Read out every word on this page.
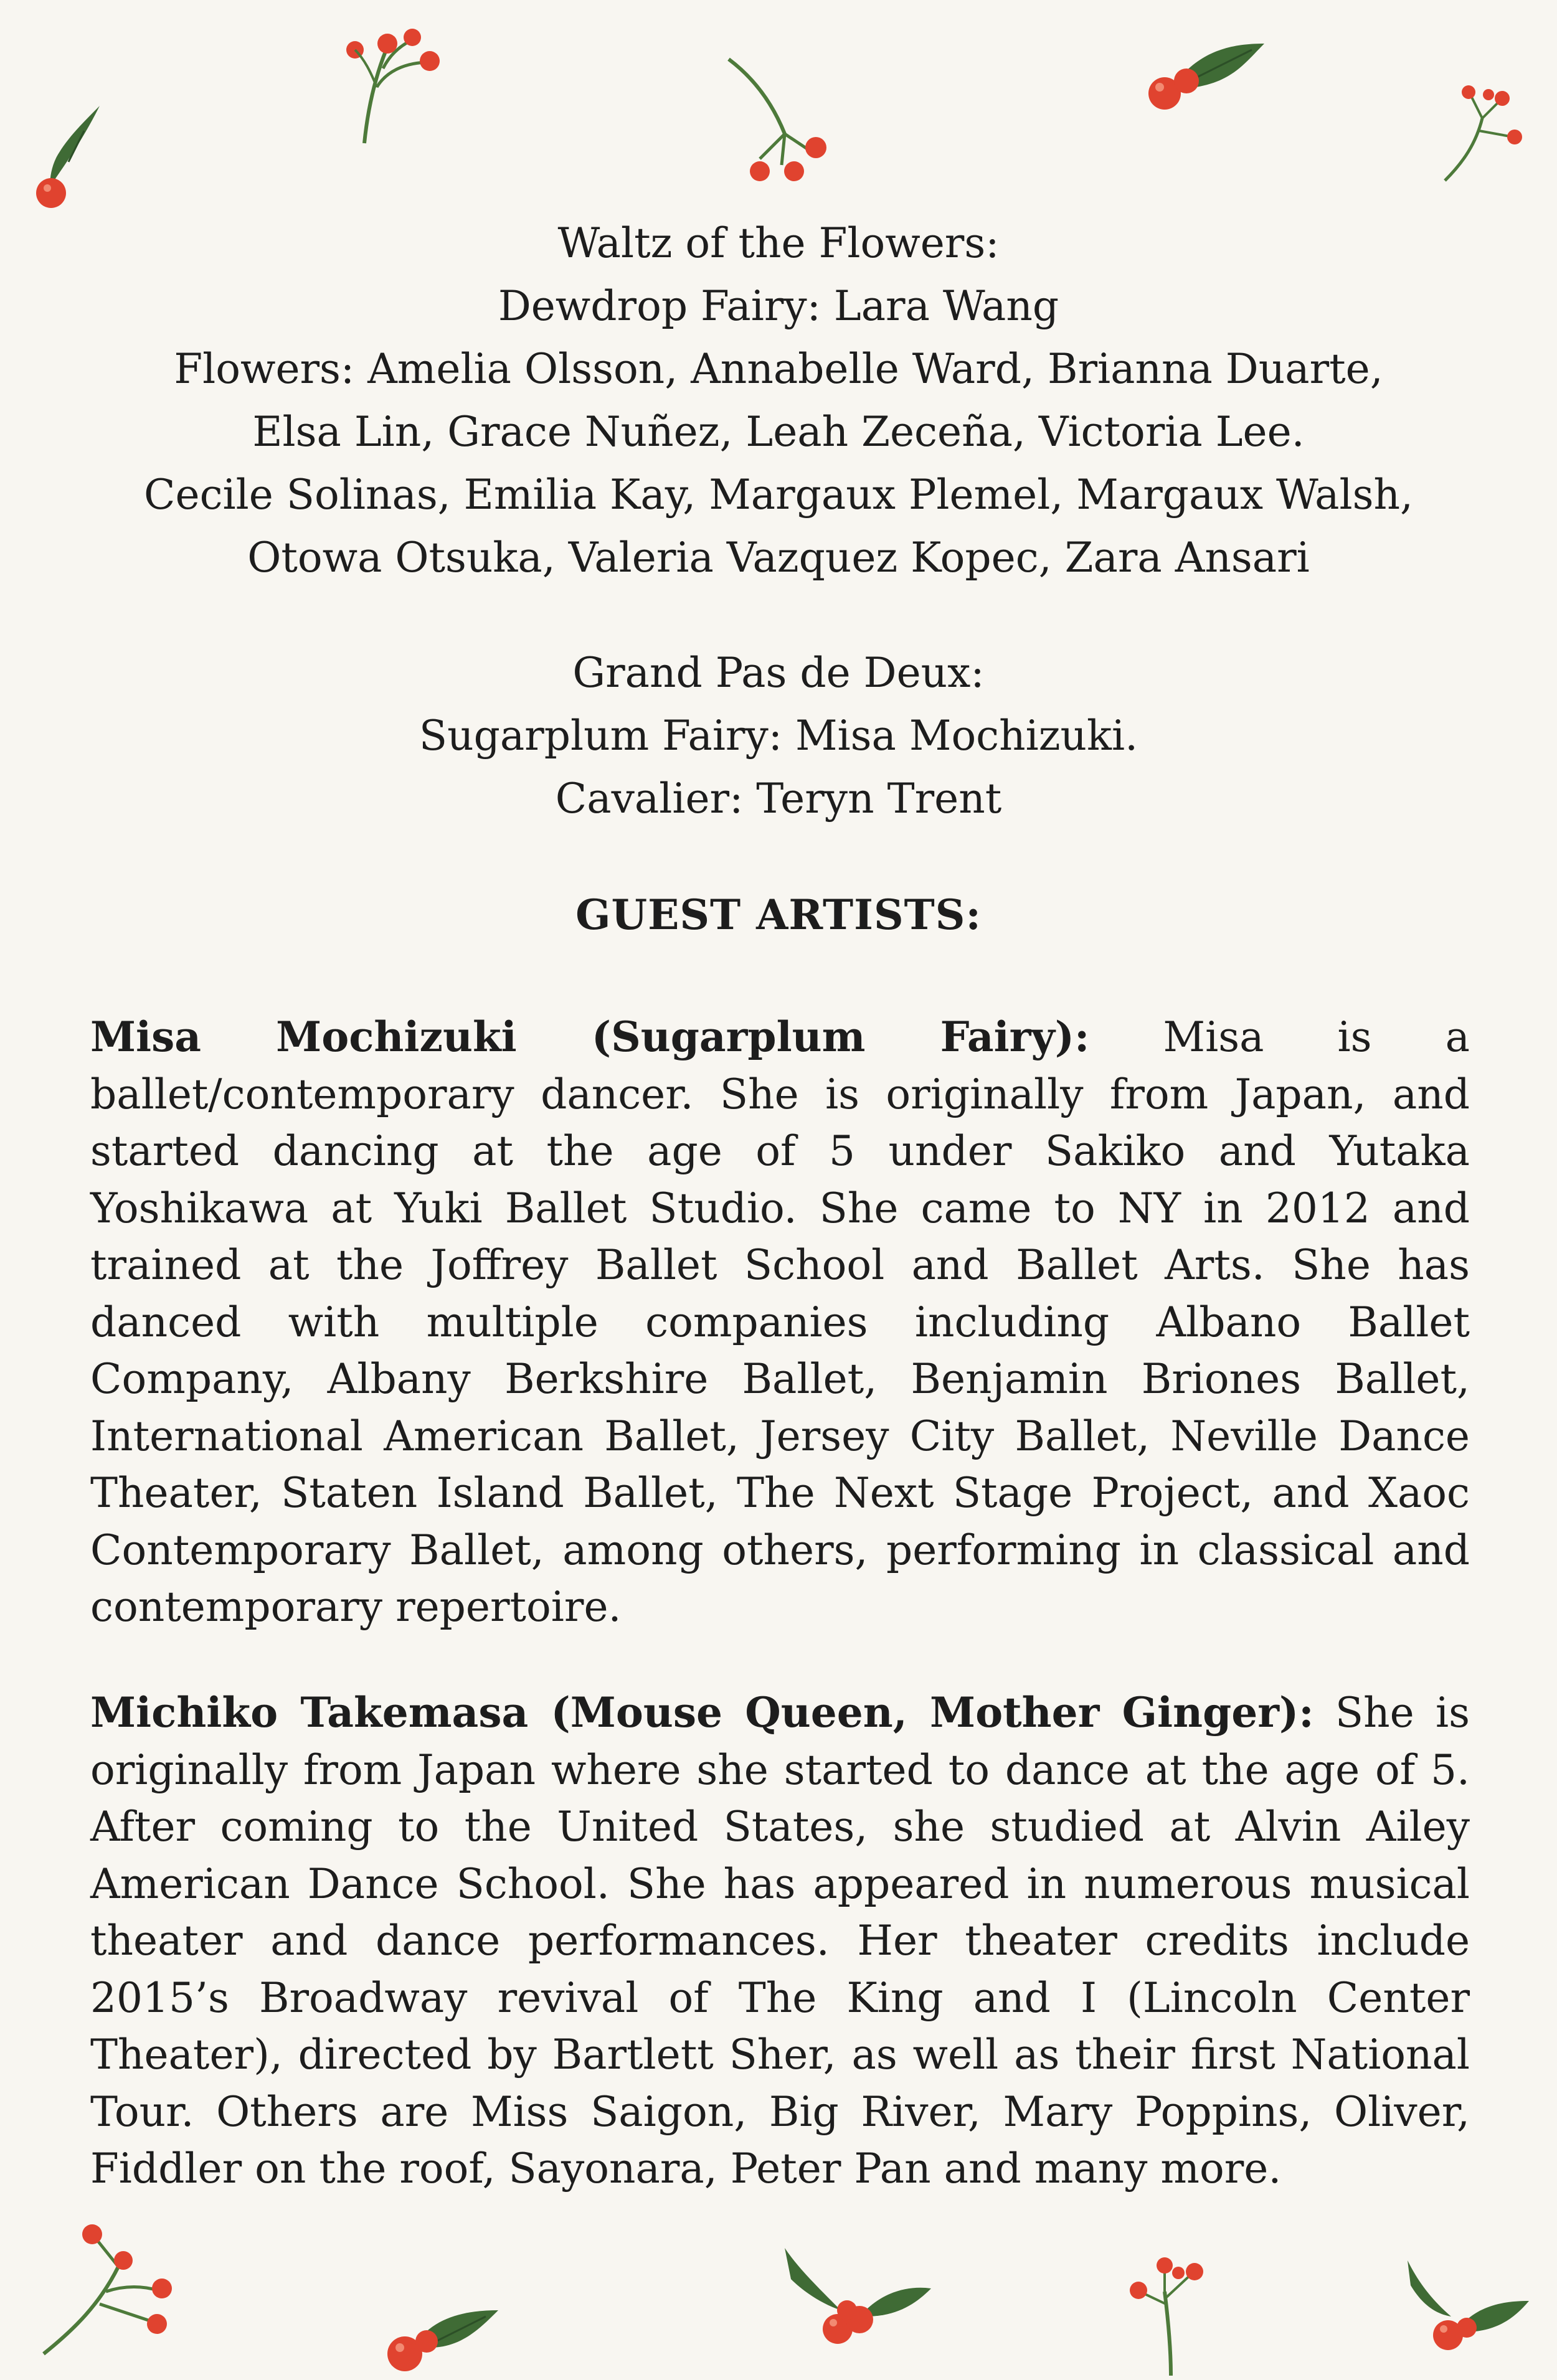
Waltz of the Flowers:

Dewdrop Fairy: Lara Wang

Flowers: Amelia Olsson, Annabelle Ward, Brianna Duarte,

Elsa Lin, Grace Nuñez, Leah Zeceña, Victoria Lee.

Cecile Solinas, Emilia Kay, Margaux Plemel, Margaux Walsh,

Otowa Otsuka, Valeria Vazquez Kopec, Zara Ansari

Grand Pas de Deux:

Sugarplum Fairy: Misa Mochizuki.

Cavalier: Teryn Trent

GUEST ARTISTS:

Misa Mochizuki (Sugarplum Fairy): Misa is a ballet/contemporary dancer. She is originally from Japan, and started dancing at the age of 5 under Sakiko and Yutaka Yoshikawa at Yuki Ballet Studio. She came to NY in 2012 and trained at the Joffrey Ballet School and Ballet Arts. She has danced with multiple companies including Albano Ballet Company, Albany Berkshire Ballet, Benjamin Briones Ballet, International American Ballet, Jersey City Ballet, Neville Dance Theater, Staten Island Ballet, The Next Stage Project, and Xaoc Contemporary Ballet, among others, performing in classical and contemporary repertoire.

Michiko Takemasa (Mouse Queen, Mother Ginger): She is originally from Japan where she started to dance at the age of 5. After coming to the United States, she studied at Alvin Ailey American Dance School. She has appeared in numerous musical theater and dance performances. Her theater credits include 2015’s Broadway revival of The King and I (Lincoln Center Theater), directed by Bartlett Sher, as well as their first National Tour. Others are Miss Saigon, Big River, Mary Poppins, Oliver, Fiddler on the roof, Sayonara, Peter Pan and many more.
